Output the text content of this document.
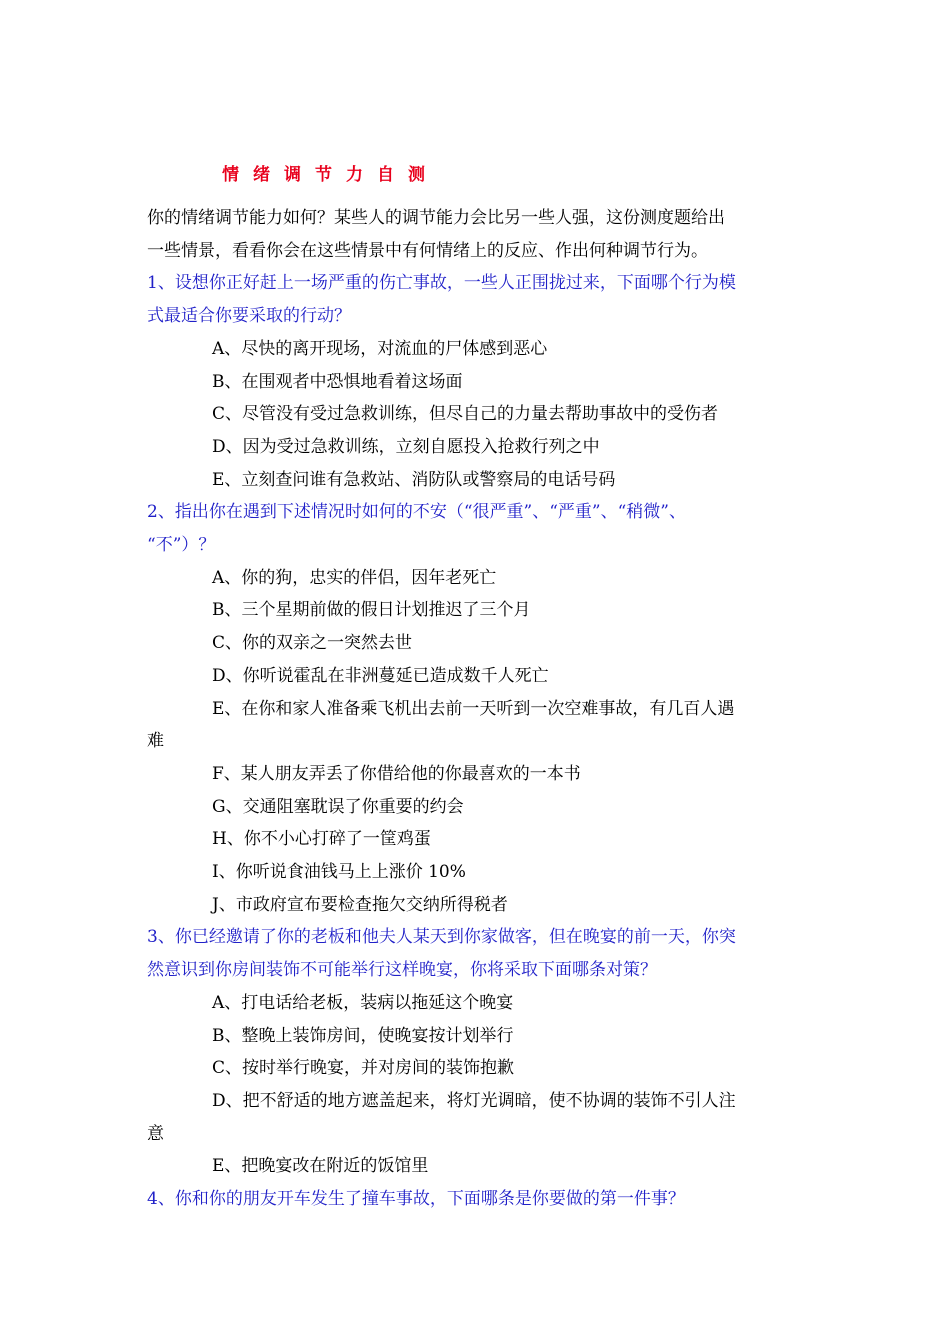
情绪调节力自测
你的情绪调节能力如何？某些人的调节能力会比另一些人强，这份测度题给出
一些情景，看看你会在这些情景中有何情绪上的反应、作出何种调节行为。
1、设想你正好赶上一场严重的伤亡事故，一些人正围拢过来，下面哪个行为模
式最适合你要采取的行动？
A、尽快的离开现场，对流血的尸体感到恶心
B、在围观者中恐惧地看着这场面
C、尽管没有受过急救训练，但尽自己的力量去帮助事故中的受伤者
D、因为受过急救训练，立刻自愿投入抢救行列之中
E、立刻查问谁有急救站、消防队或警察局的电话号码
2、指出你在遇到下述情况时如何的不安（“很严重”、“严重”、“稍微”、
“不”）？
A、你的狗，忠实的伴侣，因年老死亡
B、三个星期前做的假日计划推迟了三个月
C、你的双亲之一突然去世
D、你听说霍乱在非洲蔓延已造成数千人死亡
E、在你和家人准备乘飞机出去前一天听到一次空难事故，有几百人遇
难
F、某人朋友弄丢了你借给他的你最喜欢的一本书
G、交通阻塞耽误了你重要的约会
H、你不小心打碎了一筐鸡蛋
I、你听说食油钱马上上涨价 10%
J、市政府宣布要检查拖欠交纳所得税者
3、你已经邀请了你的老板和他夫人某天到你家做客，但在晚宴的前一天，你突
然意识到你房间装饰不可能举行这样晚宴，你将采取下面哪条对策？
A、打电话给老板，装病以拖延这个晚宴
B、整晚上装饰房间，使晚宴按计划举行
C、按时举行晚宴，并对房间的装饰抱歉
D、把不舒适的地方遮盖起来，将灯光调暗，使不协调的装饰不引人注
意
E、把晚宴改在附近的饭馆里
4、你和你的朋友开车发生了撞车事故，下面哪条是你要做的第一件事？
